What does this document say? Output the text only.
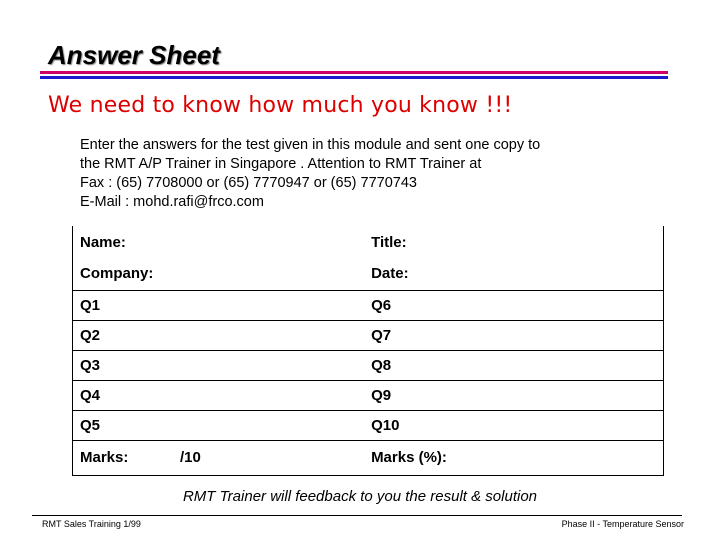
Answer Sheet
We need to know how much you know !!!
Enter the answers for the test given in this module and sent one copy to
the RMT A/P Trainer in Singapore . Attention to RMT Trainer at
Fax : (65) 7708000 or (65) 7770947 or (65) 7770743
E-Mail : mohd.rafi@frco.com
Name:	Title:
Company:	Date:
Q1	Q6
Q2	Q7
Q3	Q8
Q4	Q9
Q5	Q10
Marks: /10	Marks (%):
RMT Trainer will feedback to you the result & solution
RMT Sales Training 1/99	Phase II - Temperature Sensor
